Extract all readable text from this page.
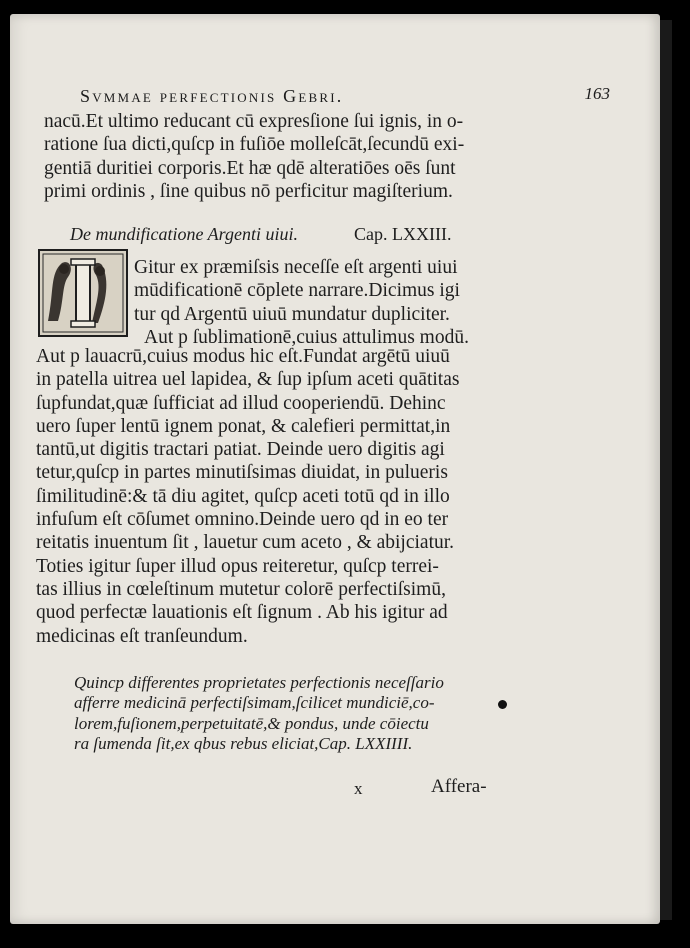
Svmmae perfectionis Gebri.	163

nacū.Et ultimo reducant cū expresſione ſui ignis, in o-
ratione ſua dicti,quſcp in fuſiōe molleſcāt,ſecundū exi-
gentiā duritiei corporis.Et hæ qdē alteratiōes oēs ſunt
primi ordinis , ſine quibus nō perficitur magiſterium.

De mundificatione Argenti uiui.	Cap. LXXIII.

Gitur ex præmiſsis neceſſe eſt argenti uiui
mūdificationē cōplete narrare.Dicimus igi
tur qd Argentū uiuū mundatur dupliciter.
Aut p ſublimationē,cuius attulimus modū.

Aut p lauacrū,cuius modus hic eſt.Fundat argētū uiuū
in patella uitrea uel lapidea, & ſup ipſum aceti quātitas
ſupfundat,quæ ſufficiat ad illud cooperiendū. Dehinc
uero ſuper lentū ignem ponat, & calefieri permittat,in
tantū,ut digitis tractari patiat. Deinde uero digitis agi
tetur,quſcp in partes minutiſsimas diuidat, in pulueris
ſimilitudinē:& tā diu agitet, quſcp aceti totū qd in illo
infuſum eſt cōſumet omnino.Deinde uero qd in eo ter
reitatis inuentum ſit , lauetur cum aceto , & abijciatur.
Toties igitur ſuper illud opus reiteretur, quſcp terrei-
tas illius in cœleſtinum mutetur colorē perfectiſsimū,
quod perfectæ lauationis eſt ſignum . Ab his igitur ad
medicinas eſt tranſeundum.

Quincp differentes proprietates perfectionis neceſſario
afferre medicinā perfectiſsimam,ſcilicet mundiciē,co-
lorem,fuſionem,perpetuitatē,& pondus, unde cōiectu
ra ſumenda ſit,ex qbus rebus eliciat,Cap. LXXIIII.
x	Affera-
